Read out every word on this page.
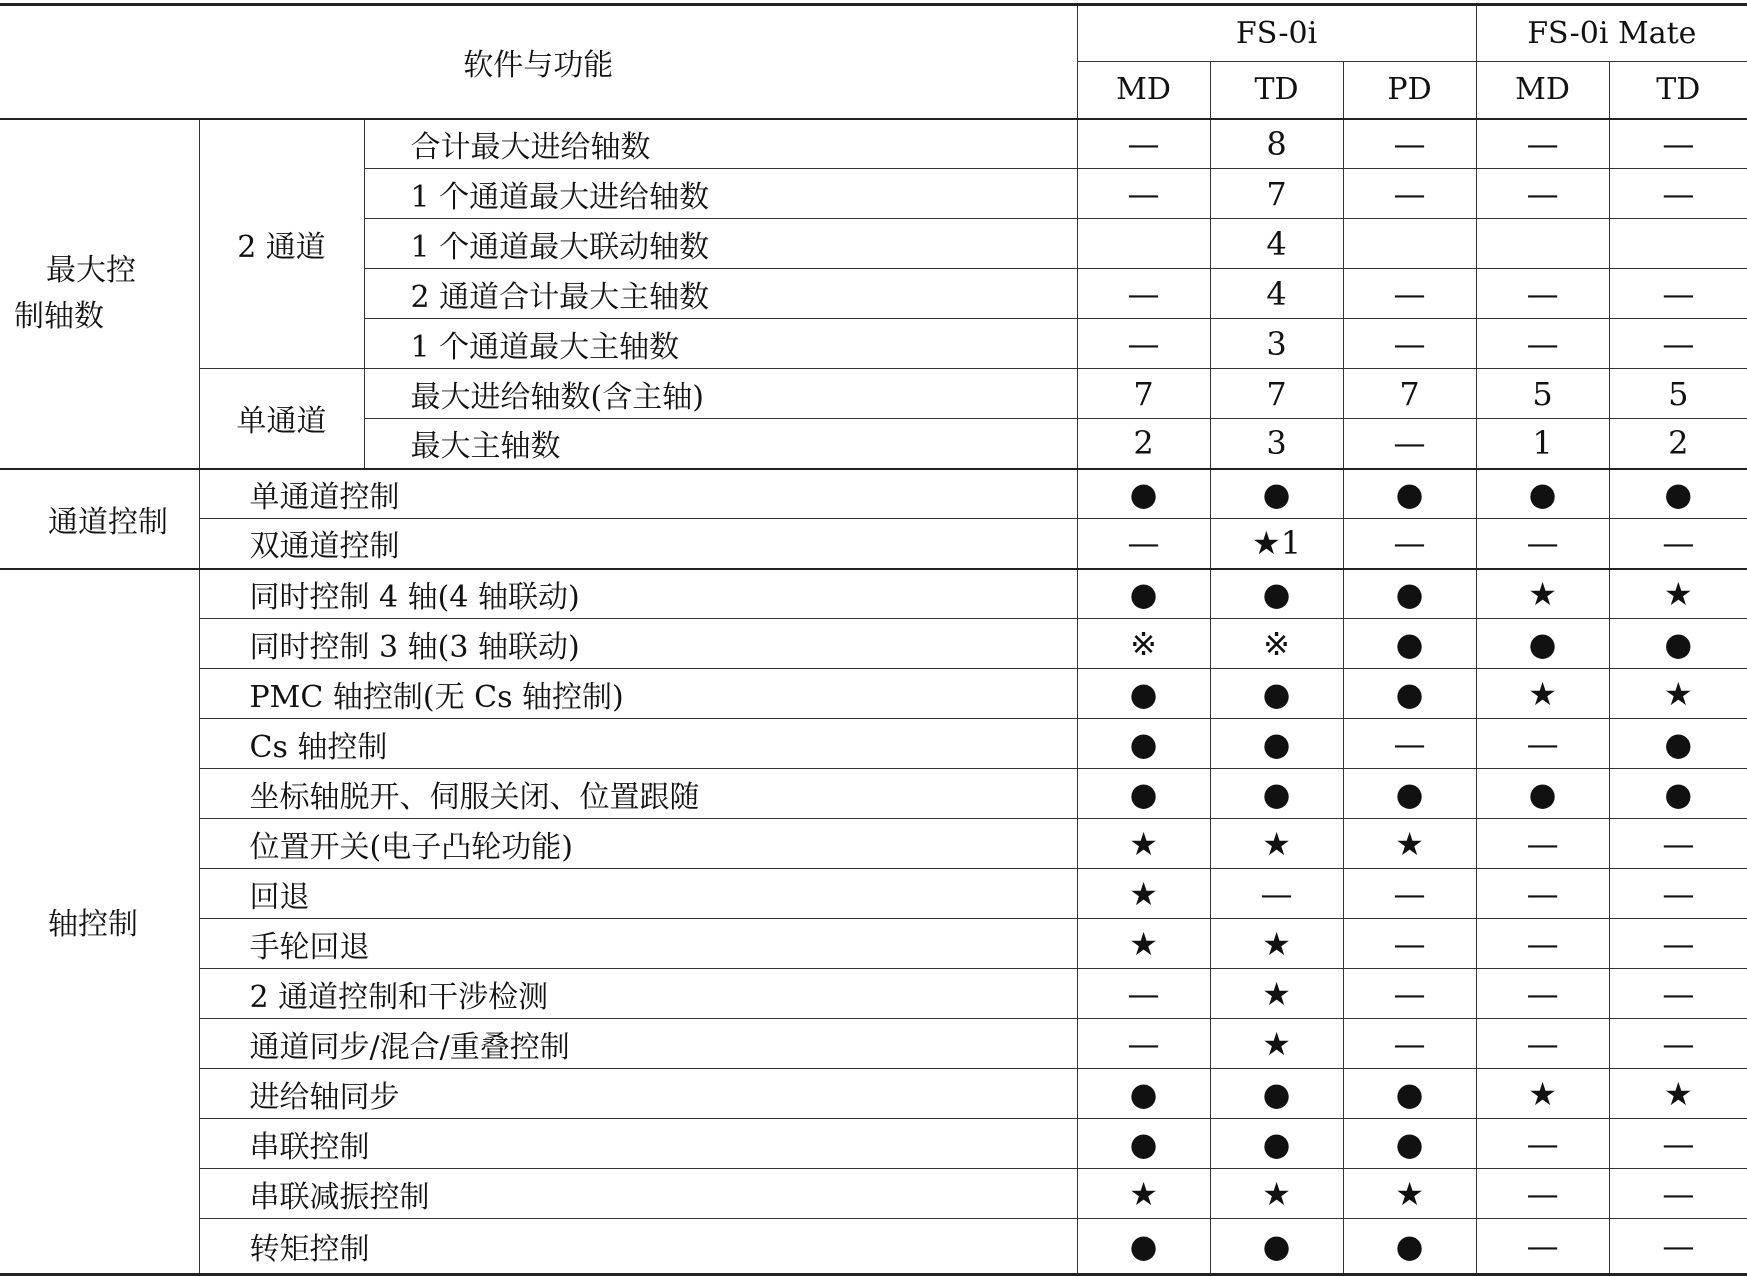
软件与功能			FS-0i			FS-0i Mate	
			MD	TD	PD	MD	TD
最大控制轴数	2 通道	合计最大进给轴数	—	8	—	—	—
		1 个通道最大进给轴数	—	7	—	—	—
		1 个通道最大联动轴数		4			
		2 通道合计最大主轴数	—	4	—	—	—
		1 个通道最大主轴数	—	3	—	—	—
	单通道	最大进给轴数(含主轴)	7	7	7	5	5
		最大主轴数	2	3	—	1	2
通道控制	单通道控制		●	●	●	●	●
	双通道控制		—	★1	—	—	—
轴控制	同时控制 4 轴(4 轴联动)		●	●	●	★	★
	同时控制 3 轴(3 轴联动)		※	※	●	●	●
	PMC 轴控制(无 Cs 轴控制)		●	●	●	★	★
	Cs 轴控制		●	●	—	—	●
	坐标轴脱开、伺服关闭、位置跟随		●	●	●	●	●
	位置开关(电子凸轮功能)		★	★	★	—	—
	回退		★	—	—	—	—
	手轮回退		★	★	—	—	—
	2 通道控制和干涉检测		—	★	—	—	—
	通道同步/混合/重叠控制		—	★	—	—	—
	进给轴同步		●	●	●	★	★
	串联控制		●	●	●	—	—
	串联减振控制		★	★	★	—	—
	转矩控制		●	●	●	—	—
